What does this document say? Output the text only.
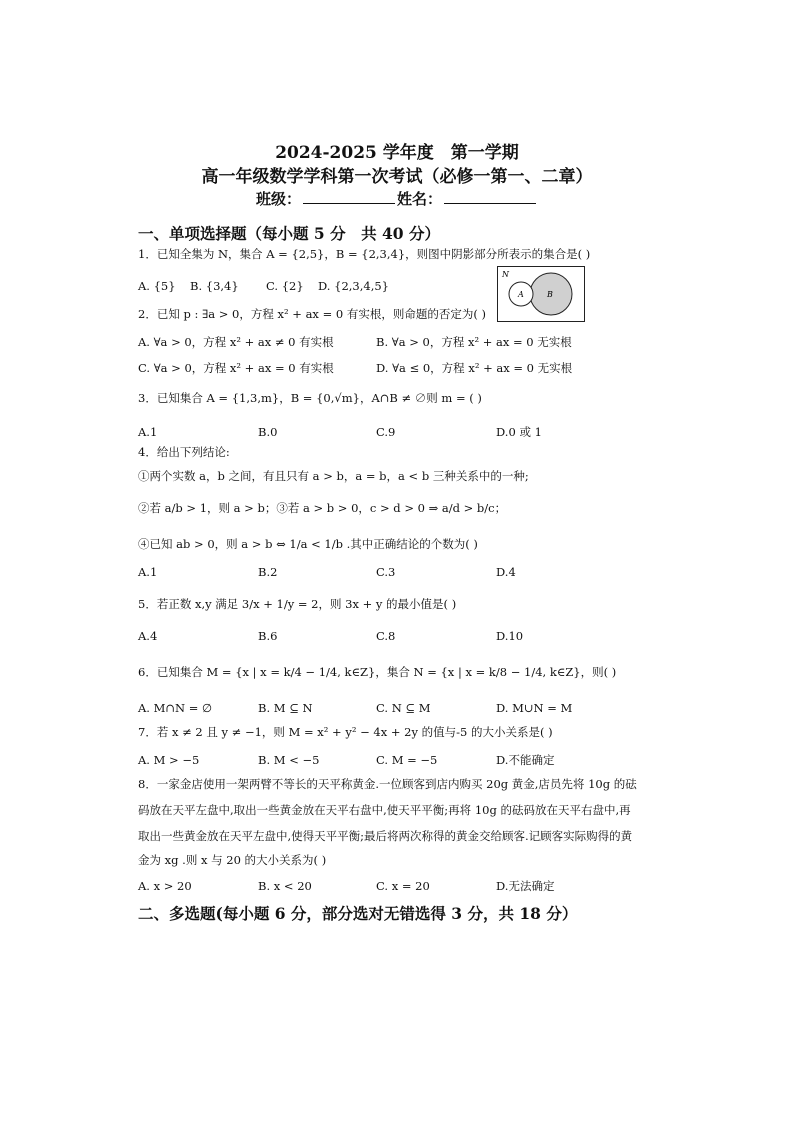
2024-2025 学年度　第一学期
高一年级数学学科第一次考试（必修一第一、二章）
班级：	姓名：
一、单项选择题（每小题 5 分　共 40 分）
1．已知全集为 N，集合 A = {2,5}，B = {2,3,4}，则图中阴影部分所表示的集合是( )
A. {5} B. {3,4} C. {2} D. {2,3,4,5}
N
A	B
2．已知 p : ∃a > 0，方程 x² + ax = 0 有实根，则命题的否定为( )
A. ∀a > 0，方程 x² + ax ≠ 0 有实根	B. ∀a > 0，方程 x² + ax = 0 无实根
C. ∀a > 0，方程 x² + ax = 0 有实根	D. ∀a ≤ 0，方程 x² + ax = 0 无实根
3．已知集合 A = {1,3,m}，B = {0,√m}，A∩B ≠ ∅则 m = ( )
A.1	B.0	C.9	D.0 或 1
4．给出下列结论:
①两个实数 a，b 之间，有且只有 a > b，a = b，a < b 三种关系中的一种;
②若 a/b > 1，则 a > b；③若 a > b > 0，c > d > 0 ⇒ a/d > b/c；
④已知 ab > 0，则 a > b ⇔ 1/a < 1/b .其中正确结论的个数为( )
A.1	B.2	C.3	D.4
5．若正数 x,y 满足 3/x + 1/y = 2，则 3x + y 的最小值是( )
A.4	B.6	C.8	D.10
6．已知集合 M = {x | x = k/4 − 1/4, k∈Z}，集合 N = {x | x = k/8 − 1/4, k∈Z}，则( )
A. M∩N = ∅	B. M ⊆ N	C. N ⊆ M	D. M∪N = M
7．若 x ≠ 2 且 y ≠ −1，则 M = x² + y² − 4x + 2y 的值与-5 的大小关系是( )
A. M > −5	B. M < −5	C. M = −5	D.不能确定
8．一家金店使用一架两臂不等长的天平称黄金.一位顾客到店内购买 20g 黄金,店员先将 10g 的砝
码放在天平左盘中,取出一些黄金放在天平右盘中,使天平平衡;再将 10g 的砝码放在天平右盘中,再
取出一些黄金放在天平左盘中,使得天平平衡;最后将两次称得的黄金交给顾客.记顾客实际购得的黄
金为 xg .则 x 与 20 的大小关系为( )
A. x > 20	B. x < 20	C. x = 20	D.无法确定
二、多选题(每小题 6 分，部分选对无错选得 3 分，共 18 分）
